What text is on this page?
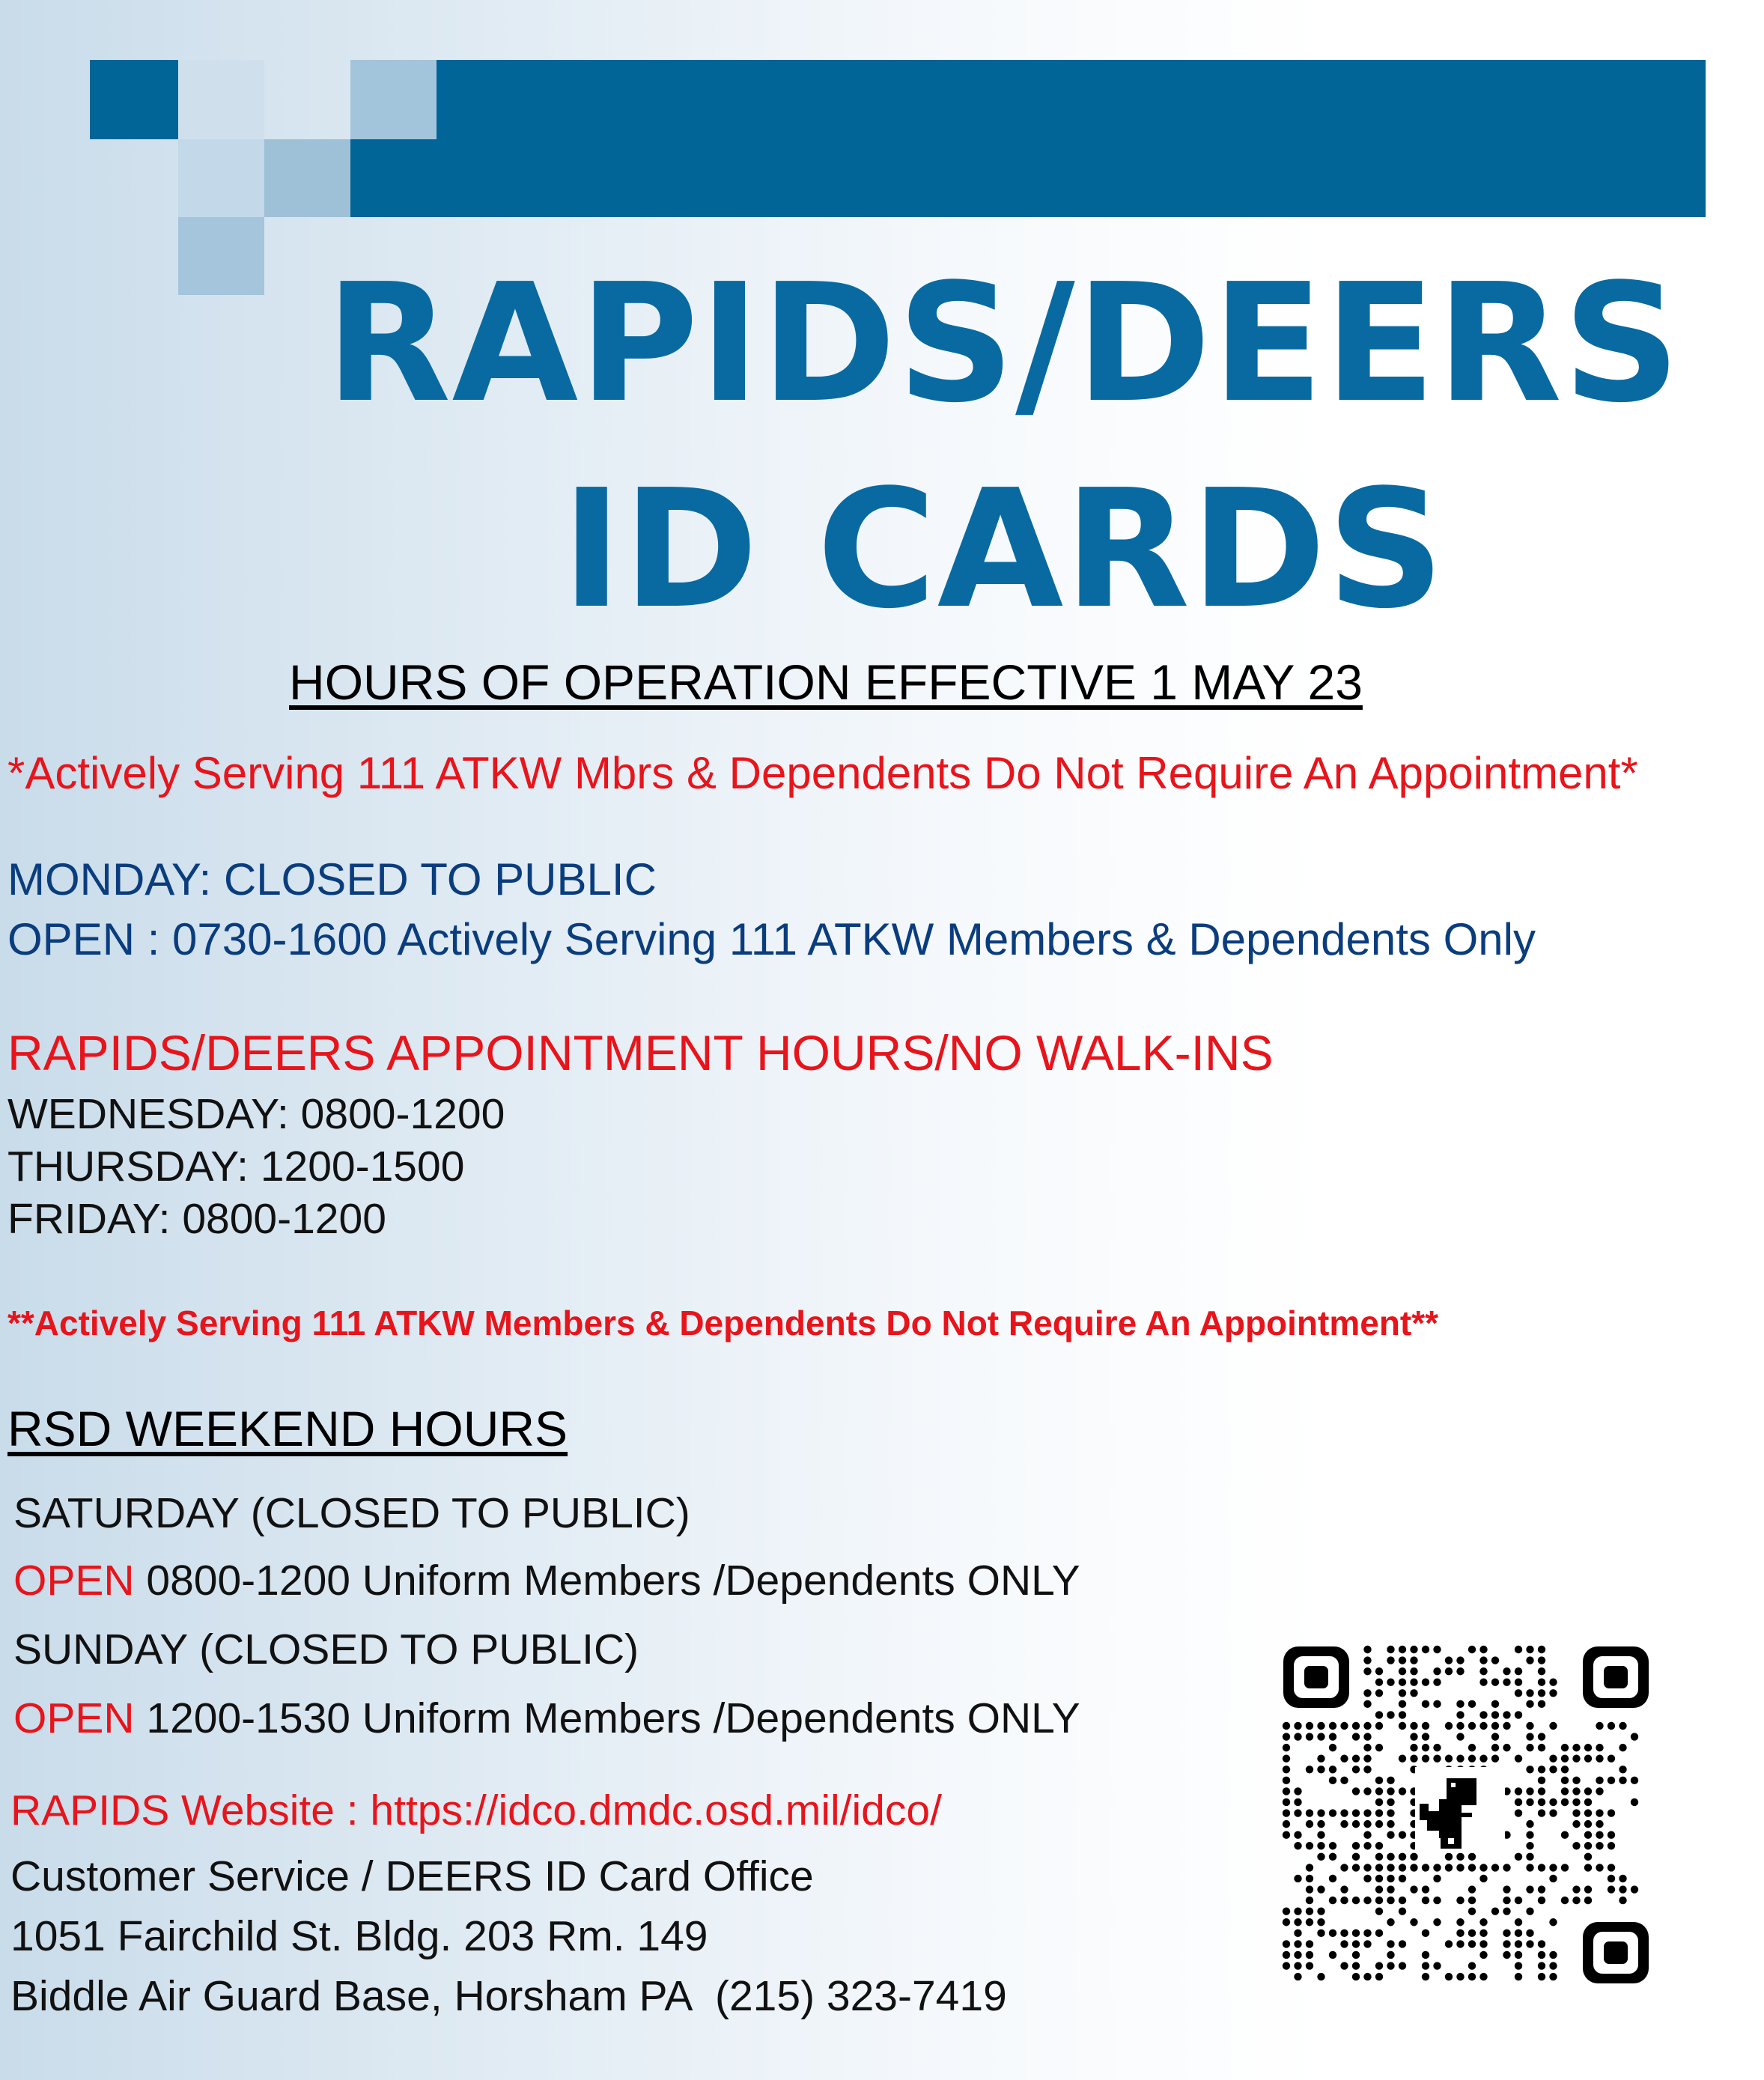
RAPIDS/DEERS
ID CARDS
HOURS OF OPERATION EFFECTIVE 1 MAY 23
*Actively Serving 111 ATKW Mbrs & Dependents Do Not Require An Appointment*
MONDAY: CLOSED TO PUBLIC
OPEN : 0730-1600 Actively Serving 111 ATKW Members & Dependents Only
RAPIDS/DEERS APPOINTMENT HOURS/NO WALK-INS
WEDNESDAY: 0800-1200
THURSDAY: 1200-1500
FRIDAY: 0800-1200
**Actively Serving 111 ATKW Members & Dependents Do Not Require An Appointment**
RSD WEEKEND HOURS
SATURDAY (CLOSED TO PUBLIC)
OPEN 0800-1200 Uniform Members /Dependents ONLY
SUNDAY (CLOSED TO PUBLIC)
OPEN 1200-1530 Uniform Members /Dependents ONLY
RAPIDS Website : https://idco.dmdc.osd.mil/idco/
Customer Service / DEERS ID Card Office
1051 Fairchild St. Bldg. 203 Rm. 149
Biddle Air Guard Base, Horsham PA (215) 323-7419
